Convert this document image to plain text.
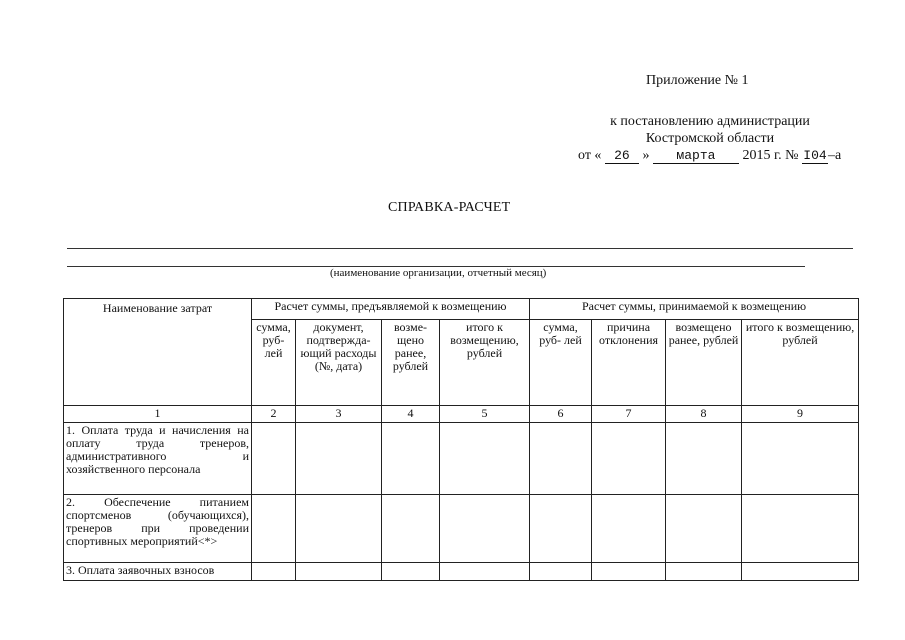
Приложение № 1
к постановлению администрации
Костромской области
от « 26 » марта 2015 г. № I04–а
СПРАВКА-РАСЧЕТ
(наименование организации, отчетный месяц)
Наименование затрат	Расчет суммы, предъявляемой к возмещению				Расчет суммы, принимаемой к возмещению			
	сумма, руб- лей	документ, подтвержда- ющий расходы (№, дата)	возме- щено ранее, рублей	итого к возмещению, рублей	сумма, руб- лей	причина отклонения	возмещено ранее, рублей	итого к возмещению, рублей
1	2	3	4	5	6	7	8	9
1. Оплата труда и начисления на оплату труда тренеров, административного и хозяйственного персонала								
2. Обеспечение питанием спортсменов (обучающихся), тренеров при проведении спортивных мероприятий<*>								
3. Оплата заявочных взносов								
